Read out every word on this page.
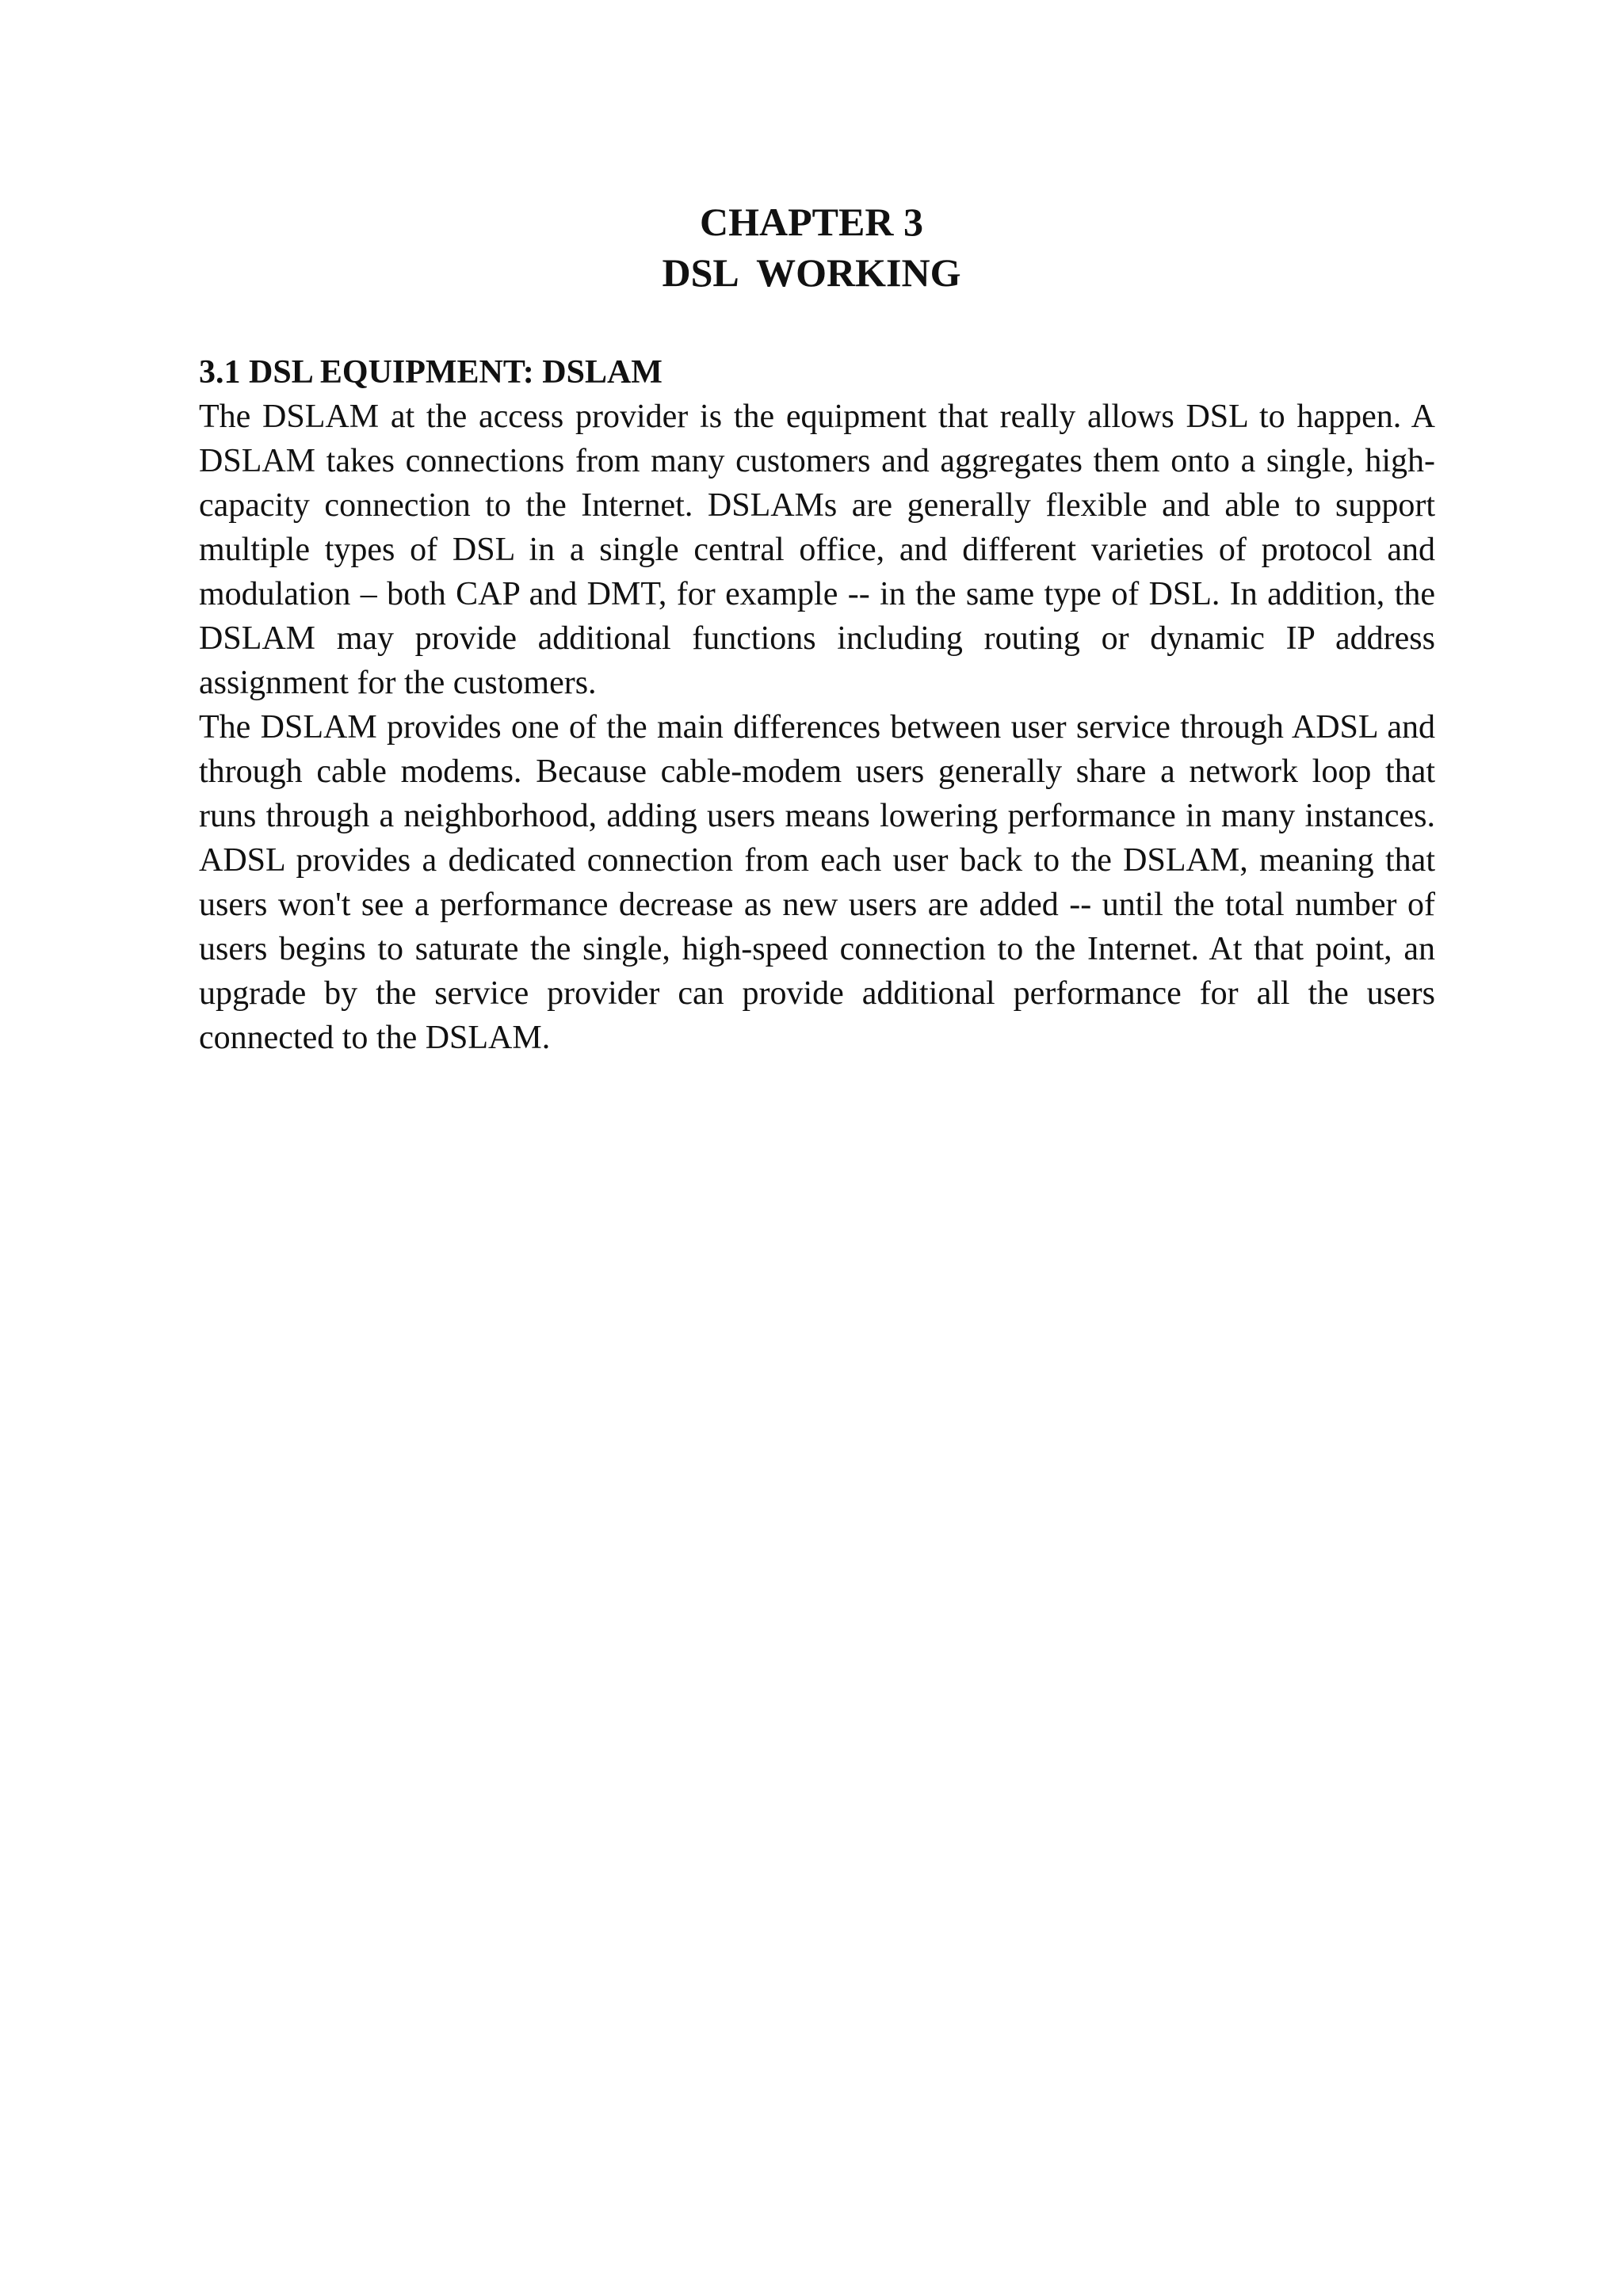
CHAPTER 3
DSL  WORKING
3.1 DSL EQUIPMENT: DSLAM

The DSLAM at the access provider is the equipment that really allows DSL to happen. A DSLAM takes connections from many customers and aggregates them onto a single, high-capacity connection to the Internet. DSLAMs are generally flexible and able to support multiple types of DSL in a single central office, and different varieties of protocol and modulation – both CAP and DMT, for example -- in the same type of DSL. In addition, the DSLAM may provide additional functions including routing or dynamic IP address assignment for the customers.

The DSLAM provides one of the main differences between user service through ADSL and through cable modems. Because cable-modem users generally share a network loop that runs through a neighborhood, adding users means lowering performance in many instances. ADSL provides a dedicated connection from each user back to the DSLAM, meaning that users won't see a performance decrease as new users are added -- until the total number of users begins to saturate the single, high-speed connection to the Internet. At that point, an upgrade by the service provider can provide additional performance for all the users connected to the DSLAM.
